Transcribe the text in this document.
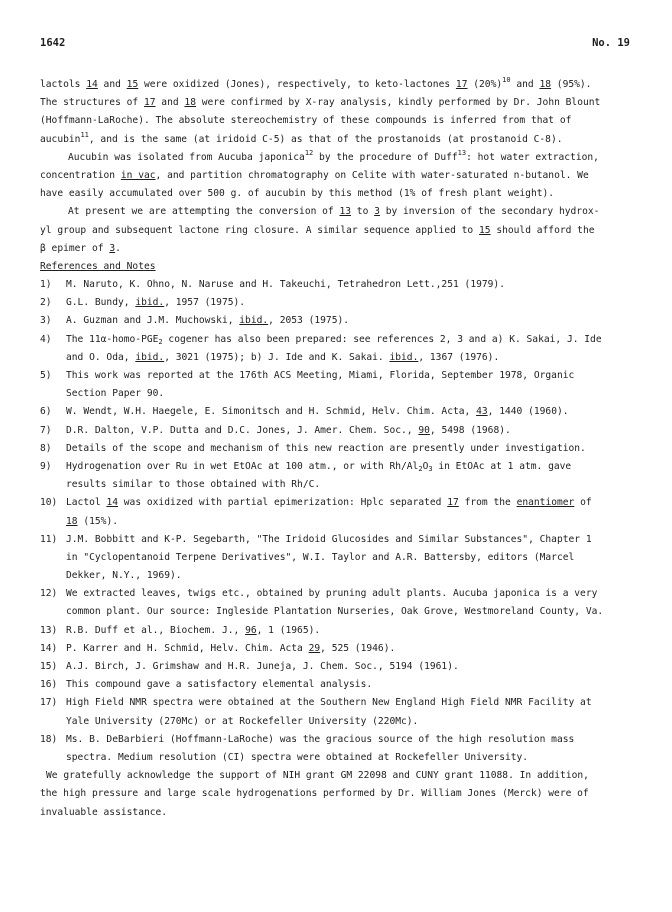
1642	No. 19
lactols 14 and 15 were oxidized (Jones), respectively, to keto-lactones 17 $(20\%)^{10}$ and 18 (95%).
The structures of 17 and 18 were confirmed by X-ray analysis, kindly performed by Dr. John Blount
(Hoffmann-LaRoche). The absolute stereochemistry of these compounds is inferred from that of
aucubin$^{11}$, and is the same (at iridoid C-5) as that of the prostanoids (at prostanoid C-8).
Aucubin was isolated from Aucuba japonica$^{12}$ by the procedure of Duff$^{13}$: hot water extraction,
concentration in vac, and partition chromatography on Celite with water-saturated n-butanol. We
have easily accumulated over 500 g. of aucubin by this method (1% of fresh plant weight).
At present we are attempting the conversion of 13 to 3 by inversion of the secondary hydrox-
yl group and subsequent lactone ring closure. A similar sequence applied to 15 should afford the
β epimer of 3.
References and Notes
1)	M. Naruto, K. Ohno, N. Naruse and H. Takeuchi, Tetrahedron Lett.,251 (1979).
2)	G.L. Bundy, ibid., 1957 (1975).
3)	A. Guzman and J.M. Muchowski, ibid., 2053 (1975).
4)	The $11\alpha-homo-PGE_2$ cogener has also been prepared: see references 2, 3 and a) K. Sakai, J. Ide
and O. Oda, ibid., 3021 (1975); b) J. Ide and K. Sakai. ibid., 1367 (1976).
5)	This work was reported at the 176th ACS Meeting, Miami, Florida, September 1978, Organic
Section Paper 90.
6)	W. Wendt, W.H. Haegele, E. Simonitsch and H. Schmid, Helv. Chim. Acta, 43, 1440 (1960).
7)	D.R. Dalton, V.P. Dutta and D.C. Jones, J. Amer. Chem. Soc., 90, 5498 (1968).
8)	Details of the scope and mechanism of this new reaction are presently under investigation.
9)	Hydrogenation over Ru in wet EtOAc at 100 atm., or with $Rh/Al_2O_3$ in EtOAc at 1 atm. gave
results similar to those obtained with Rh/C.
10) Lactol 14 was oxidized with partial epimerization: Hplc separated 17 from the enantiomer of
18 (15%).
11) J.M. Bobbitt and K-P. Segebarth, "The Iridoid Glucosides and Similar Substances", Chapter 1
in "Cyclopentanoid Terpene Derivatives", W.I. Taylor and A.R. Battersby, editors (Marcel
Dekker, N.Y., 1969).
12) We extracted leaves, twigs etc., obtained by pruning adult plants. Aucuba japonica is a very
common plant. Our source: Ingleside Plantation Nurseries, Oak Grove, Westmoreland County, Va.
13) R.B. Duff et al., Biochem. J., 96, 1 (1965).
14) P. Karrer and H. Schmid, Helv. Chim. Acta 29, 525 (1946).
15) A.J. Birch, J. Grimshaw and H.R. Juneja, J. Chem. Soc., 5194 (1961).
16) This compound gave a satisfactory elemental analysis.
17) High Field NMR spectra were obtained at the Southern New England High Field NMR Facility at
Yale University (270Mc) or at Rockefeller University (220Mc).
18) Ms. B. DeBarbieri (Hoffmann-LaRoche) was the gracious source of the high resolution mass
spectra. Medium resolution (CI) spectra were obtained at Rockefeller University.
We gratefully acknowledge the support of NIH grant GM 22098 and CUNY grant 11088. In addition,
the high pressure and large scale hydrogenations performed by Dr. William Jones (Merck) were of
invaluable assistance.
